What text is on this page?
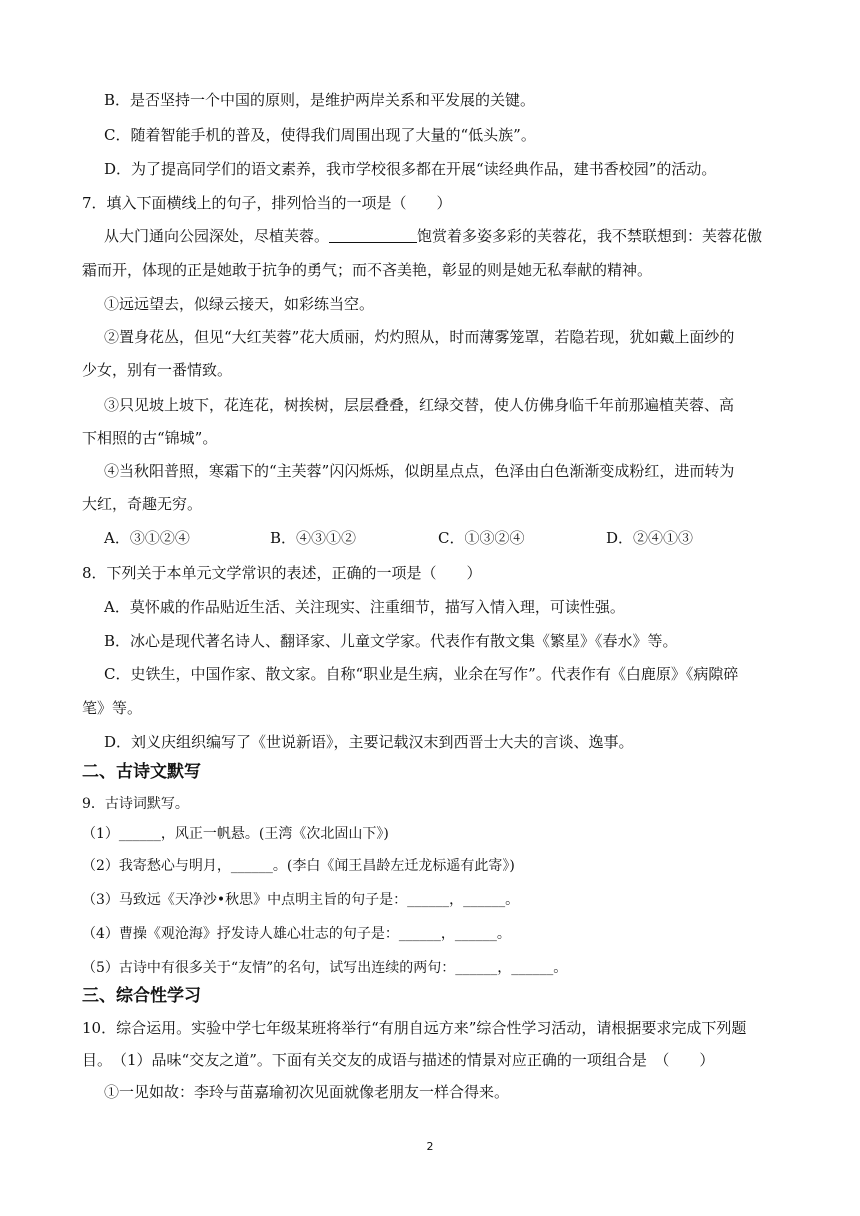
B．是否坚持一个中国的原则，是维护两岸关系和平发展的关键。
C．随着智能手机的普及，使得我们周围出现了大量的“低头族”。
D．为了提高同学们的语文素养，我市学校很多都在开展“读经典作品，建书香校园”的活动。
7．填入下面横线上的句子，排列恰当的一项是（　　）
从大门通向公园深处，尽植芙蓉。	饱赏着多姿多彩的芙蓉花，我不禁联想到：芙蓉花傲
霜而开，体现的正是她敢于抗争的勇气；而不吝美艳，彰显的则是她无私奉献的精神。
①远远望去，似绿云接天，如彩练当空。
②置身花丛，但见“大红芙蓉”花大质丽，灼灼照从，时而薄雾笼罩，若隐若现，犹如戴上面纱的
少女，别有一番情致。
③只见坡上坡下，花连花，树挨树，层层叠叠，红绿交替，使人仿佛身临千年前那遍植芙蓉、高
下相照的古“锦城”。
④当秋阳普照，寒霜下的“主芙蓉”闪闪烁烁，似朗星点点，色泽由白色渐渐变成粉红，进而转为
大红，奇趣无穷。
A．③①②④	B．④③①②	C．①③②④	D．②④①③
8．下列关于本单元文学常识的表述，正确的一项是（　　）
A．莫怀戚的作品贴近生活、关注现实、注重细节，描写入情入理，可读性强。
B．冰心是现代著名诗人、翻译家、儿童文学家。代表作有散文集《繁星》《春水》等。
C．史铁生，中国作家、散文家。自称“职业是生病，业余在写作”。代表作有《白鹿原》《病隙碎
笔》等。
D．刘义庆组织编写了《世说新语》，主要记载汉末到西晋士大夫的言谈、逸事。
二、古诗文默写
9．古诗词默写。
（1）______，风正一帆悬。(王湾《次北固山下》)
（2）我寄愁心与明月，______。(李白《闻王昌龄左迁龙标遥有此寄》)
（3）马致远《天净沙•秋思》中点明主旨的句子是：______，______。
（4）曹操《观沧海》抒发诗人雄心壮志的句子是：______，______。
（5）古诗中有很多关于“友情”的名句，试写出连续的两句：______，______。
三、综合性学习
10．综合运用。实验中学七年级某班将举行“有朋自远方来”综合性学习活动，请根据要求完成下列题
目。　（1）品味“交友之道”。下面有关交友的成语与描述的情景对应正确的一项组合是　（　　）
①一见如故：李玲与苗嘉瑜初次见面就像老朋友一样合得来。
2
